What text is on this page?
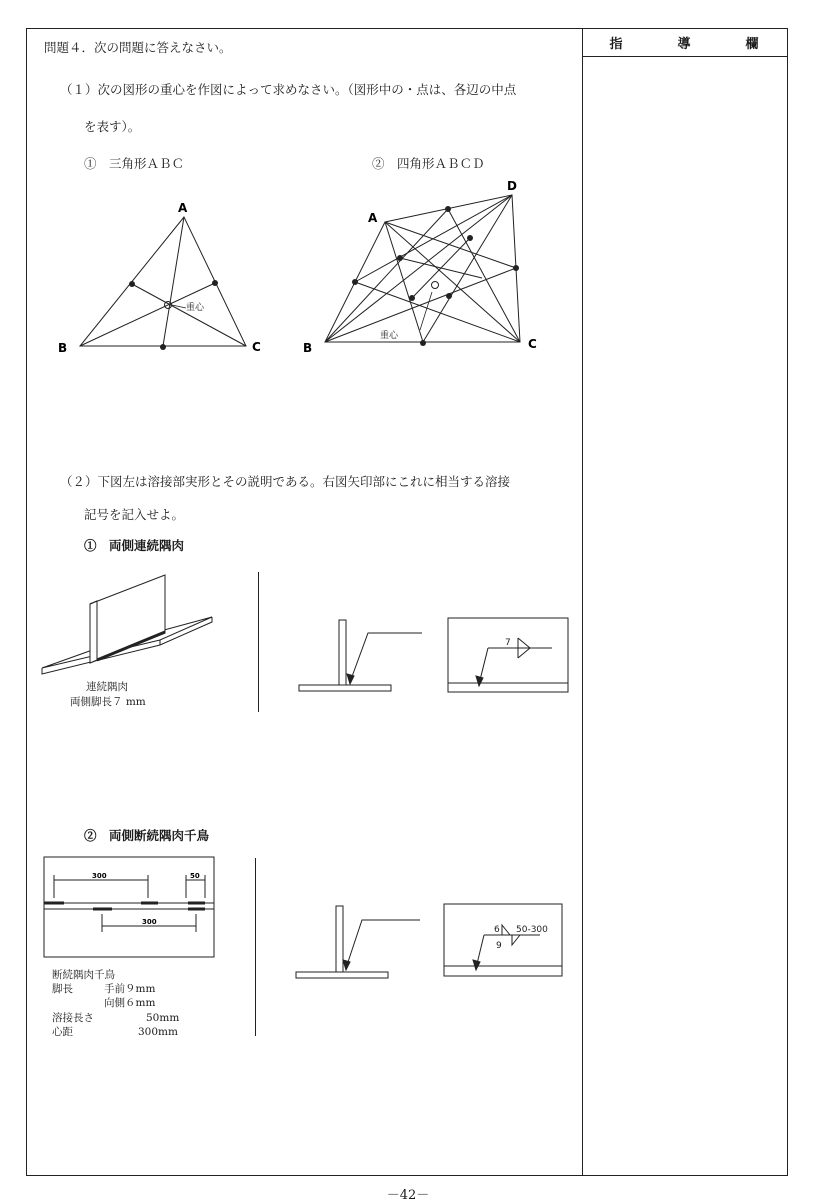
指	導	欄
問題４．次の問題に答えなさい。
（１）次の図形の重心を作図によって求めなさい。（図形中の・点は、各辺の中点
を表す）。
①　三角形ＡＢＣ	②　四角形ＡＢＣＤ
A
B	C
重心
A
B	C
D
重心
（２）下図左は溶接部実形とその説明である。右図矢印部にこれに相当する溶接
記号を記入せよ。
①　両側連続隅肉
連続隅肉
両側脚長７ mm
7
②　両側断続隅肉千鳥
300	50
300
断続隅肉千鳥
脚長	手前９mm
向側６mm
溶接長さ	50mm
心距	300mm
6 50-300
9
－42－
